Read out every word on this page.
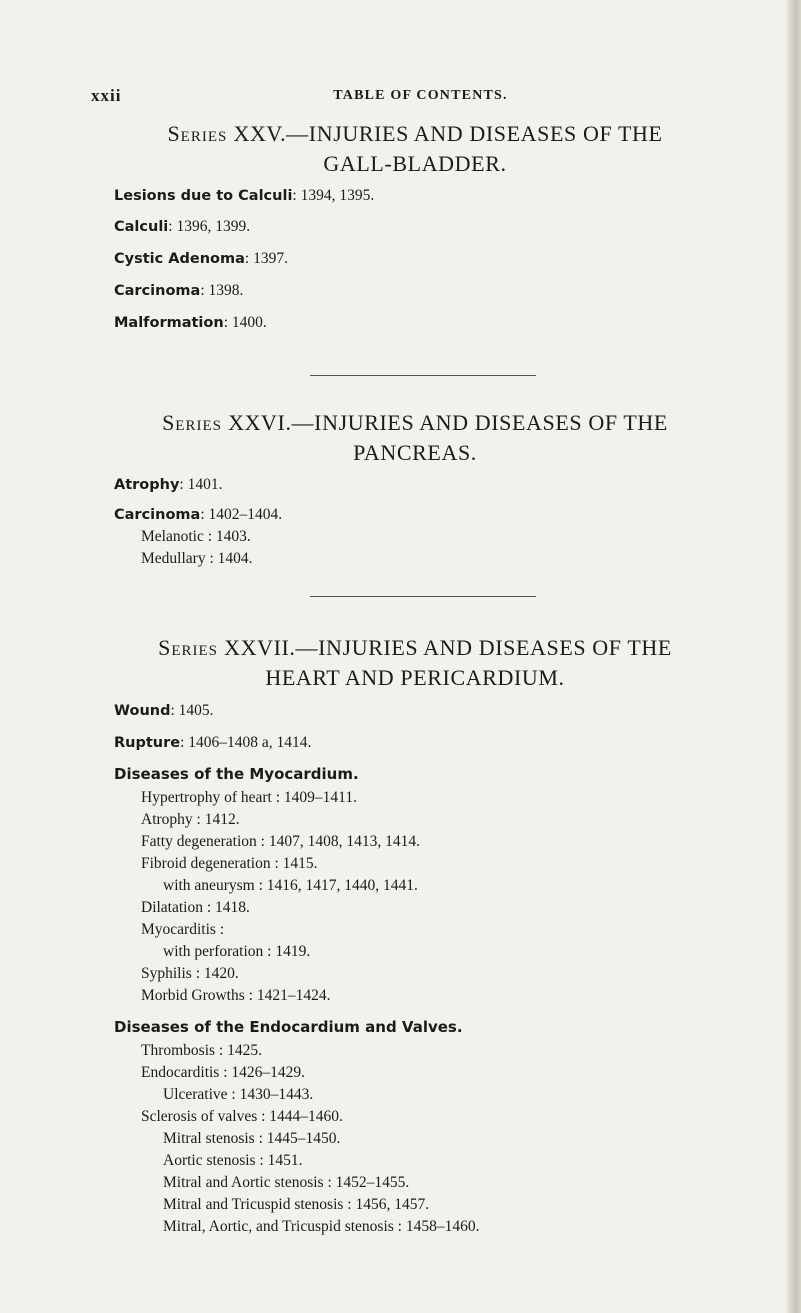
xxii	TABLE OF CONTENTS.
Series XXV.—INJURIES AND DISEASES OF THE
GALL-BLADDER.
Lesions due to Calculi: 1394, 1395.
Calculi: 1396, 1399.
Cystic Adenoma: 1397.
Carcinoma: 1398.
Malformation: 1400.
Series XXVI.—INJURIES AND DISEASES OF THE
PANCREAS.
Atrophy: 1401.
Carcinoma: 1402–1404.
Melanotic : 1403.
Medullary : 1404.
Series XXVII.—INJURIES AND DISEASES OF THE
HEART AND PERICARDIUM.
Wound: 1405.
Rupture: 1406–1408 a, 1414.
Diseases of the Myocardium.
Hypertrophy of heart : 1409–1411.
Atrophy : 1412.
Fatty degeneration : 1407, 1408, 1413, 1414.
Fibroid degeneration : 1415.
with aneurysm : 1416, 1417, 1440, 1441.
Dilatation : 1418.
Myocarditis :
with perforation : 1419.
Syphilis : 1420.
Morbid Growths : 1421–1424.
Diseases of the Endocardium and Valves.
Thrombosis : 1425.
Endocarditis : 1426–1429.
Ulcerative : 1430–1443.
Sclerosis of valves : 1444–1460.
Mitral stenosis : 1445–1450.
Aortic stenosis : 1451.
Mitral and Aortic stenosis : 1452–1455.
Mitral and Tricuspid stenosis : 1456, 1457.
Mitral, Aortic, and Tricuspid stenosis : 1458–1460.
